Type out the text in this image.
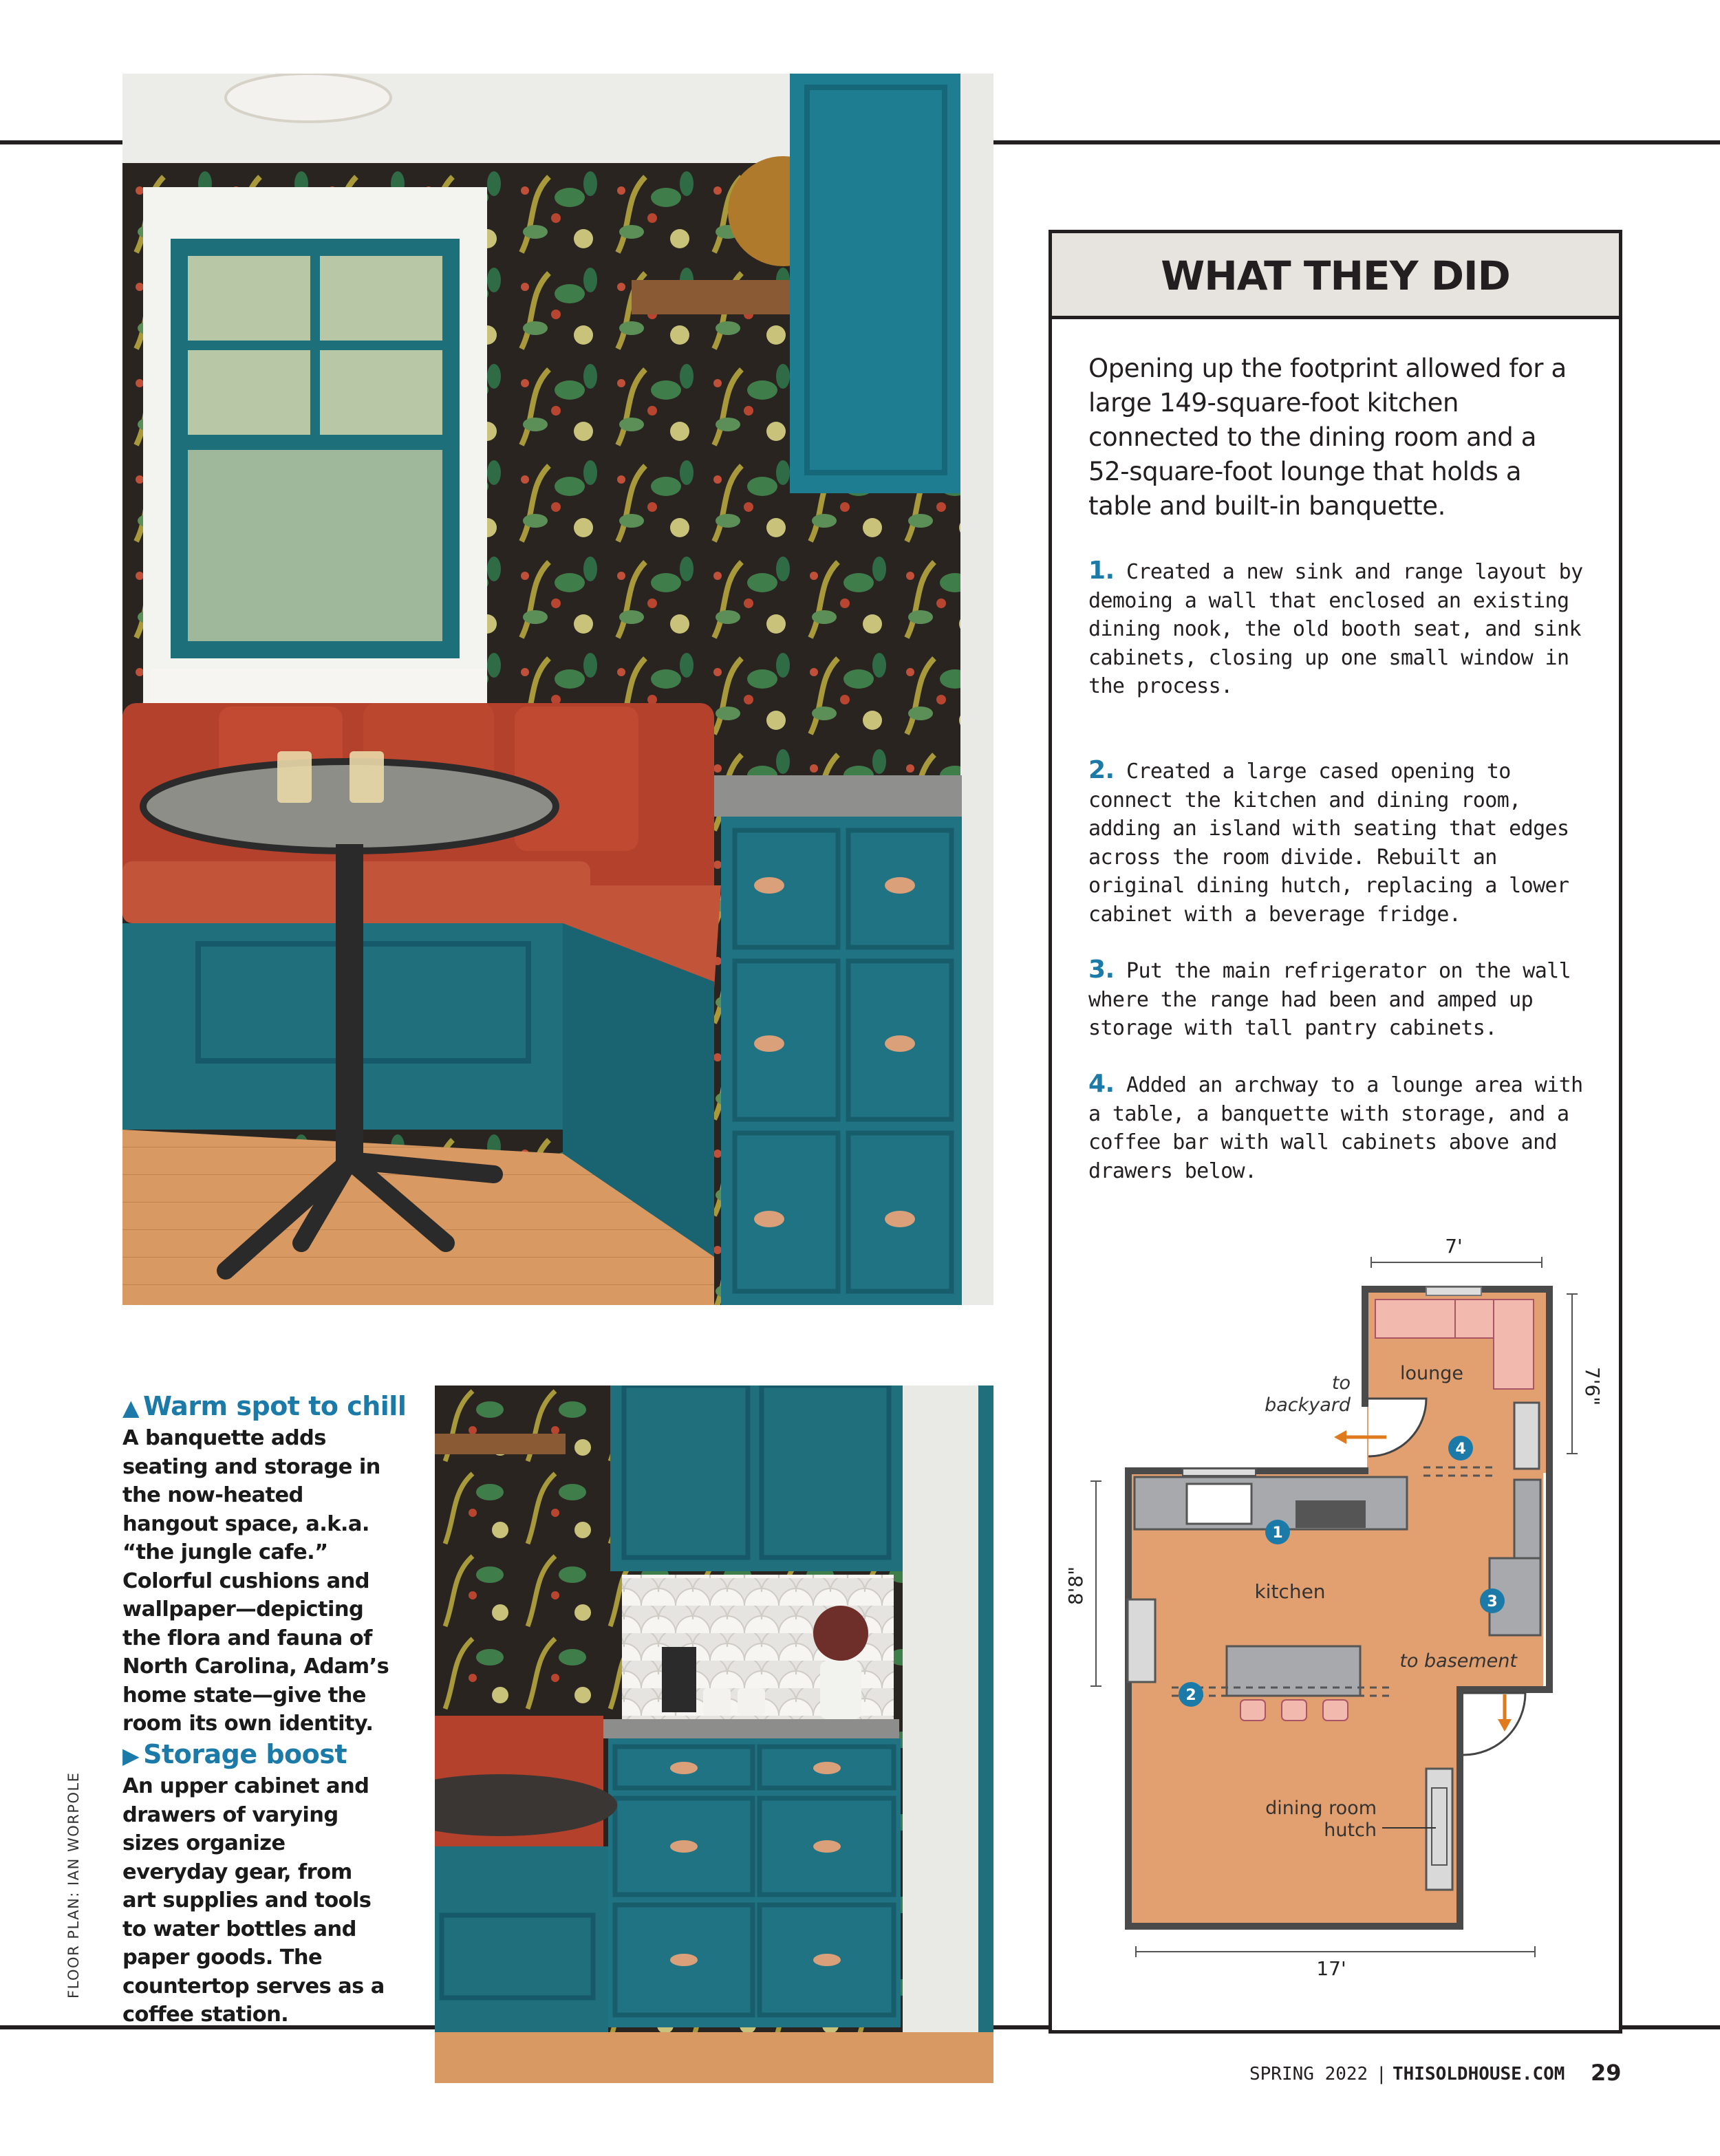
▲ Warm spot to chill
A banquette adds seating and storage in the now-heated hangout space, a.k.a. “the jungle cafe.” Colorful cushions and wallpaper—depicting the flora and fauna of North Carolina, Adam’s home state—give the room its own identity.
▶ Storage boost
An upper cabinet and drawers of varying sizes organize everyday gear, from art supplies and tools to water bottles and paper goods. The countertop serves as a coffee station.
FLOOR PLAN: IAN WORPOLE
WHAT THEY DID
Opening up the footprint allowed for a large 149-square-foot kitchen connected to the dining room and a 52-square-foot lounge that holds a table and built-in banquette.
1. Created a new sink and range layout by demoing a wall that enclosed an existing dining nook, the old booth seat, and sink cabinets, closing up one small window in the process.
2. Created a large cased opening to connect the kitchen and dining room, adding an island with seating that edges across the room divide. Rebuilt an original dining hutch, replacing a lower cabinet with a beverage fridge.
3. Put the main refrigerator on the wall where the range had been and amped up storage with tall pantry cabinets.
4. Added an archway to a lounge area with a table, a banquette with storage, and a coffee bar with wall cabinets above and drawers below.
7'
7'6"
8'8"
17'
lounge
to
backyard
kitchen
to basement
dining room
hutch
1
2
3
4
SPRING 2022 | THISOLDHOUSE.COM 29
